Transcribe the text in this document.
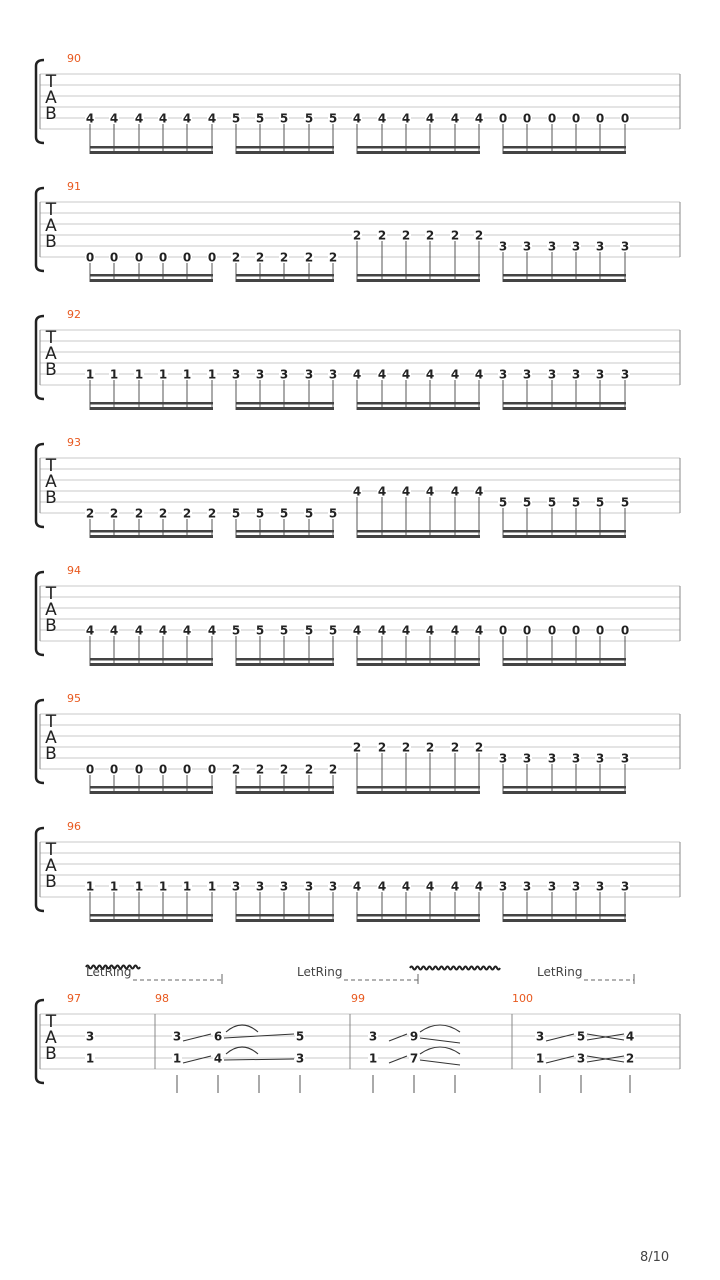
T
A
B
90
4 4 4 4 4 4 5 5 5 5 5 4 4 4 4 4 4 0 0 0 0 0 0
T
A
B
91
0 0 0 0 0 0 2 2 2 2 2
2 2 2 2 2 2
3 3 3 3 3 3
T
A
B
92
1 1 1 1 1 1 3 3 3 3 3 4 4 4 4 4 4 3 3 3 3 3 3
T
A
B
93
2 2 2 2 2 2 5 5 5 5 5
4 4 4 4 4 4
5 5 5 5 5 5
T
A
B
94
4 4 4 4 4 4 5 5 5 5 5 4 4 4 4 4 4 0 0 0 0 0 0
T
A
B
95
0 0 0 0 0 0 2 2 2 2 2
2 2 2 2 2 2
3 3 3 3 3 3
T
A
B
96
1 1 1 1 1 1 3 3 3 3 3 4 4 4 4 4 4 3 3 3 3 3 3
T
A
B
97
3
1
98
3
1
6
4
5
3
99
3
1
9
7
100
3
1
5
3
4
2
LetRing	LetRing	LetRing
8/10
